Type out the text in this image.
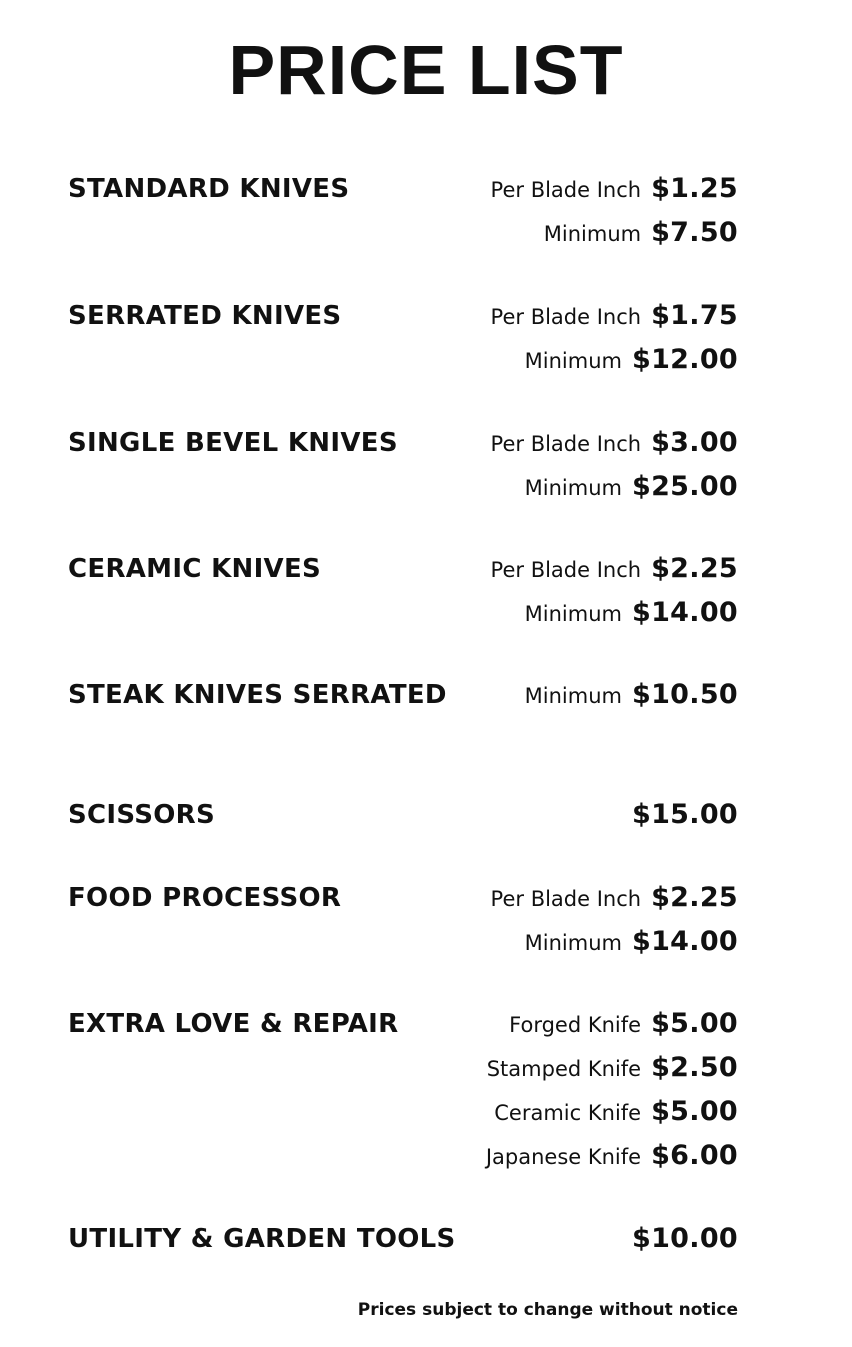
PRICE LIST
STANDARD KNIVES	Per Blade Inch $1.25
Minimum $7.50
SERRATED KNIVES	Per Blade Inch $1.75
Minimum $12.00
SINGLE BEVEL KNIVES	Per Blade Inch $3.00
Minimum $25.00
CERAMIC KNIVES	Per Blade Inch $2.25
Minimum $14.00
STEAK KNIVES SERRATED	Minimum $10.50
SCISSORS	$15.00
FOOD PROCESSOR	Per Blade Inch $2.25
Minimum $14.00
EXTRA LOVE & REPAIR	Forged Knife $5.00
Stamped Knife $2.50
Ceramic Knife $5.00
Japanese Knife $6.00
UTILITY & GARDEN TOOLS	$10.00
Prices subject to change without notice
